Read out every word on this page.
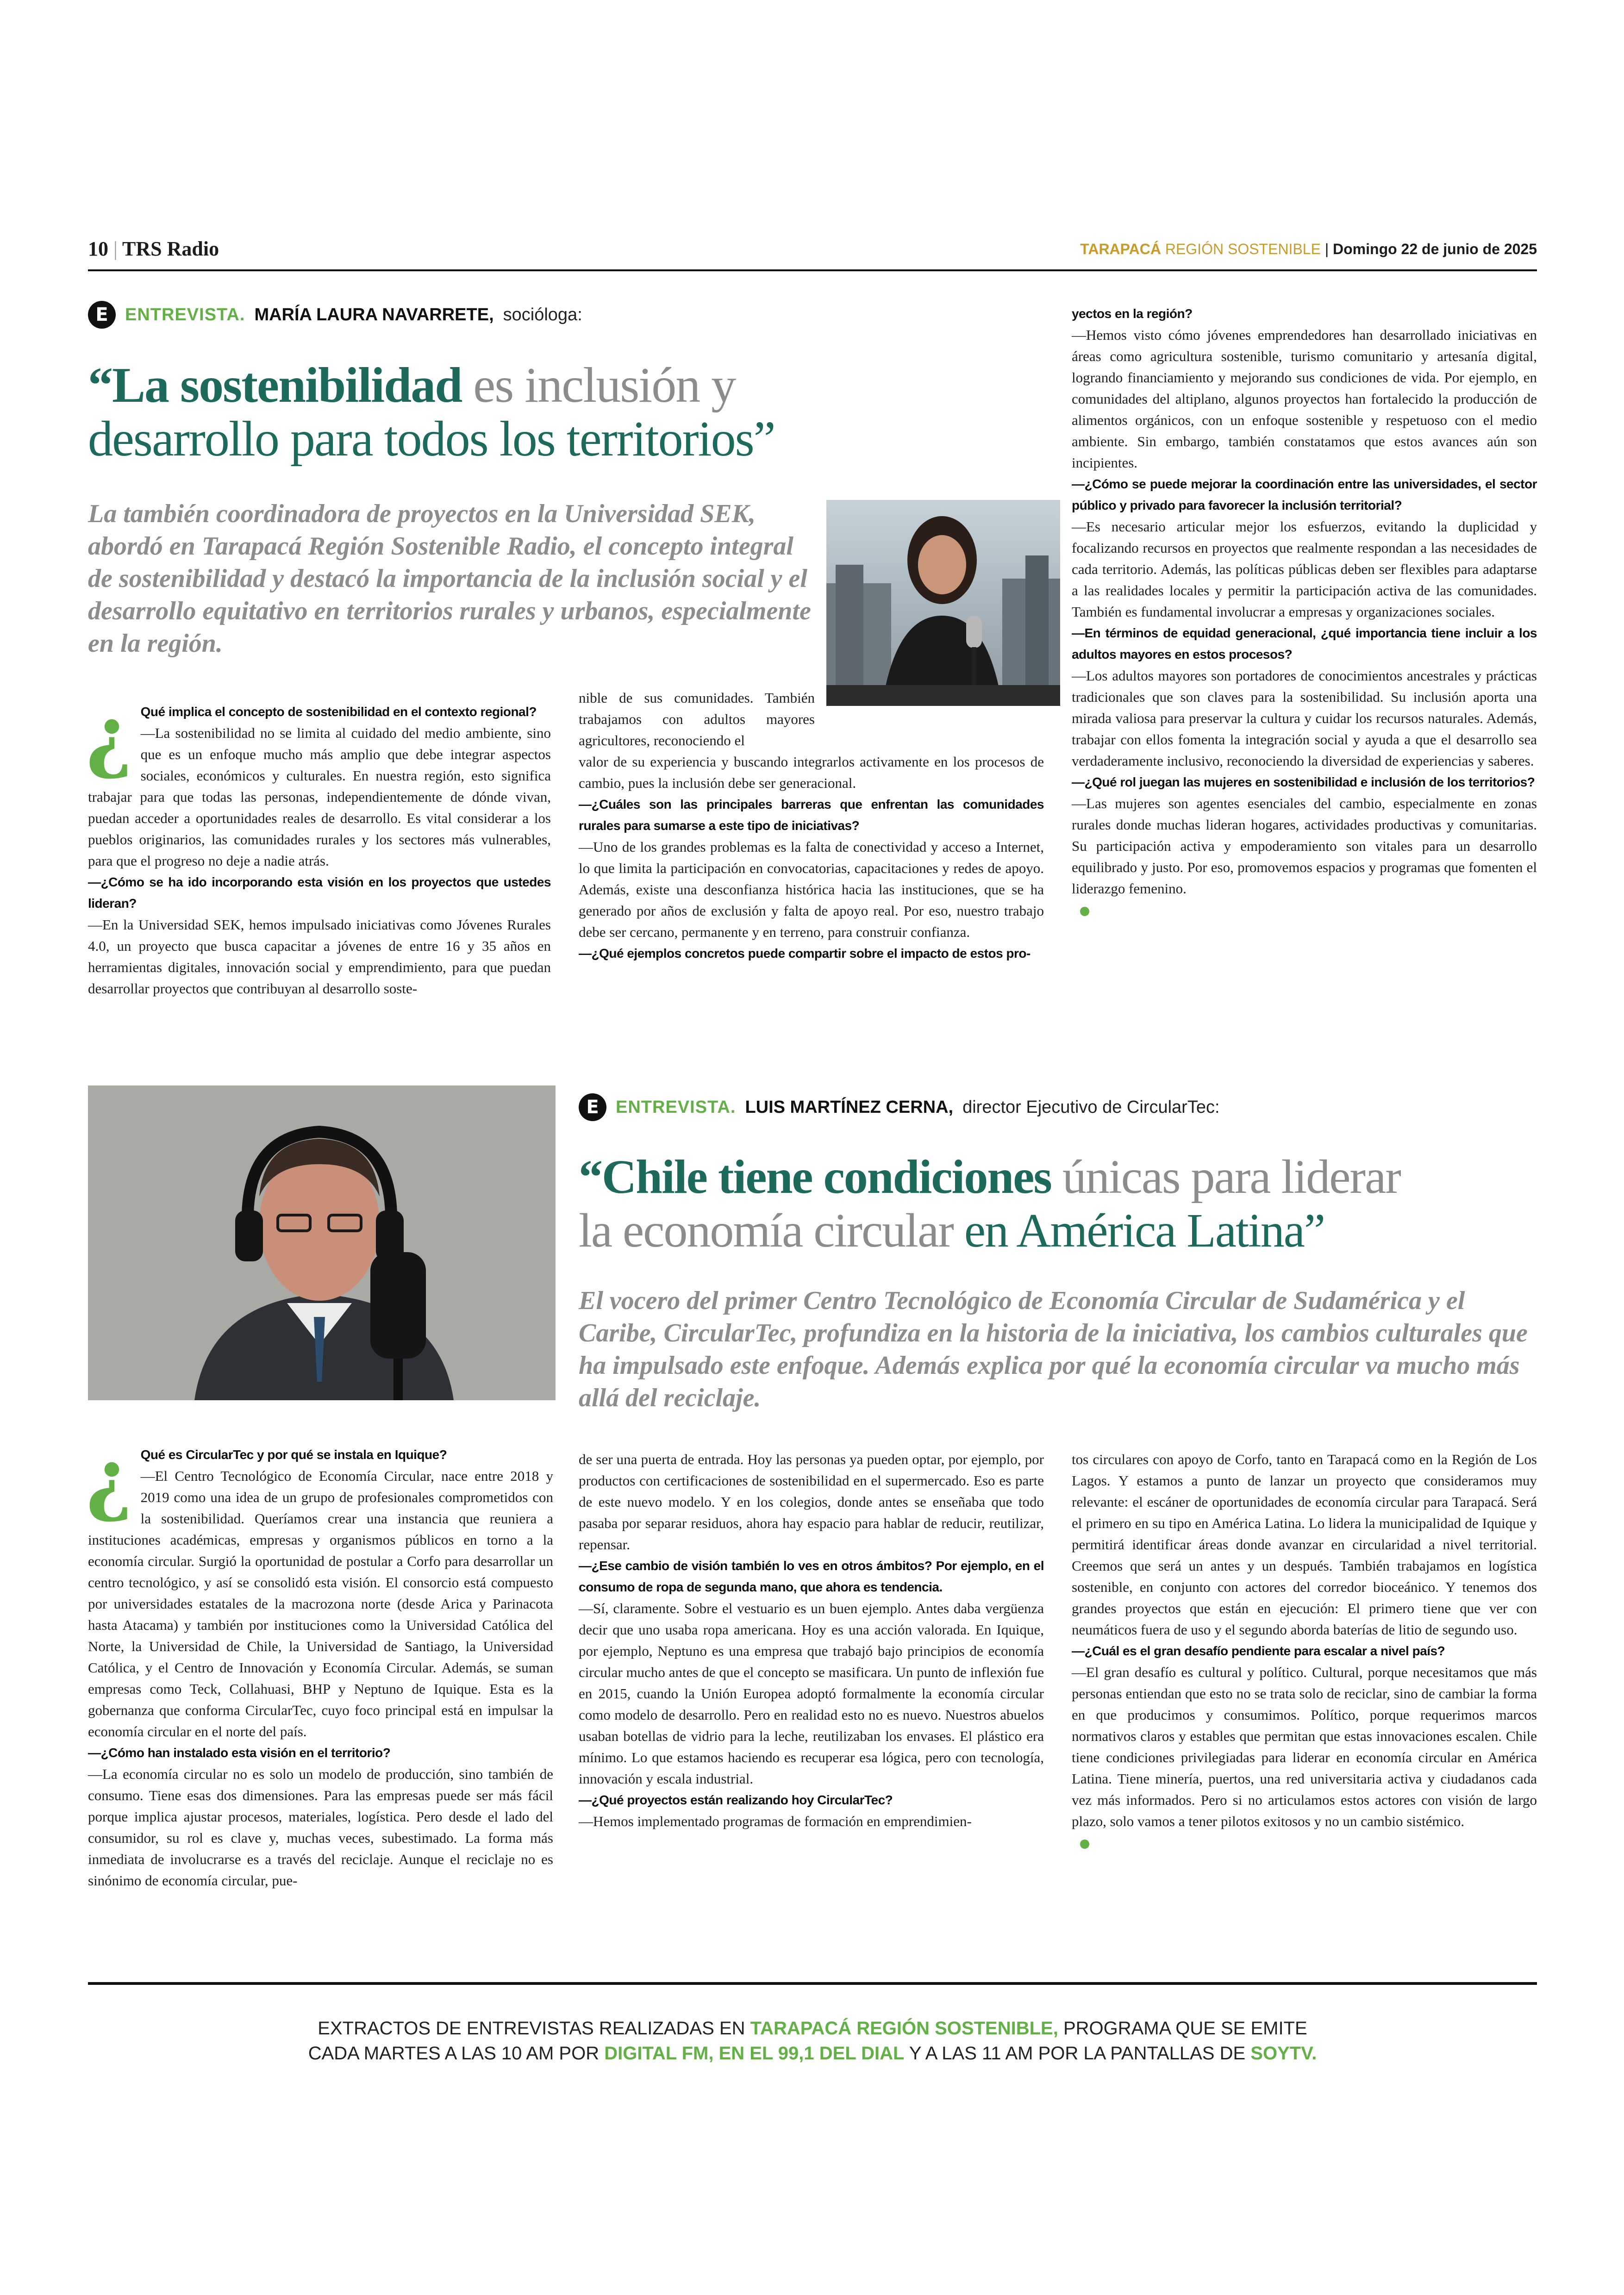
10 | TRS Radio	TARAPACÁ REGIÓN SOSTENIBLE | Domingo 22 de junio de 2025
E ENTREVISTA. MARÍA LAURA NAVARRETE, socióloga:
“La sostenibilidad es inclusión y
desarrollo para todos los territorios”
La también coordinadora de proyectos en la Universidad SEK, abordó en Tarapacá Región Sostenible Radio, el concepto integral de sostenibilidad y destacó la importancia de la inclusión social y el desarrollo equitativo en territorios rurales y urbanos, especialmente en la región.
¿ Qué implica el concepto de sostenibilidad en el contexto regional?
—La sostenibilidad no se limita al cuidado del medio ambiente, sino que es un enfoque mucho más amplio que debe integrar aspectos sociales, económicos y culturales. En nuestra región, esto significa trabajar para que todas las personas, independientemente de dónde vivan, puedan acceder a oportunidades reales de desarrollo. Es vital considerar a los pueblos originarios, las comunidades rurales y los sectores más vulnerables, para que el progreso no deje a nadie atrás.
—¿Cómo se ha ido incorporando esta visión en los proyectos que ustedes lideran?
—En la Universidad SEK, hemos impulsado iniciativas como Jóvenes Rurales 4.0, un proyecto que busca capacitar a jóvenes de entre 16 y 35 años en herramientas digitales, innovación social y emprendimiento, para que puedan desarrollar proyectos que contribuyan al desarrollo soste-
nible de sus comunidades. También trabajamos con adultos mayores agricultores, reconociendo el
valor de su experiencia y buscando integrarlos activamente en los procesos de cambio, pues la inclusión debe ser generacional.
—¿Cuáles son las principales barreras que enfrentan las comunidades rurales para sumarse a este tipo de iniciativas?
—Uno de los grandes problemas es la falta de conectividad y acceso a Internet, lo que limita la participación en convocatorias, capacitaciones y redes de apoyo. Además, existe una desconfianza histórica hacia las instituciones, que se ha generado por años de exclusión y falta de apoyo real. Por eso, nuestro trabajo debe ser cercano, permanente y en terreno, para construir confianza.
—¿Qué ejemplos concretos puede compartir sobre el impacto de estos pro-
yectos en la región?
—Hemos visto cómo jóvenes emprendedores han desarrollado iniciativas en áreas como agricultura sostenible, turismo comunitario y artesanía digital, logrando financiamiento y mejorando sus condiciones de vida. Por ejemplo, en comunidades del altiplano, algunos proyectos han fortalecido la producción de alimentos orgánicos, con un enfoque sostenible y respetuoso con el medio ambiente. Sin embargo, también constatamos que estos avances aún son incipientes.
—¿Cómo se puede mejorar la coordinación entre las universidades, el sector público y privado para favorecer la inclusión territorial?
—Es necesario articular mejor los esfuerzos, evitando la duplicidad y focalizando recursos en proyectos que realmente respondan a las necesidades de cada territorio. Además, las políticas públicas deben ser flexibles para adaptarse a las realidades locales y permitir la participación activa de las comunidades. También es fundamental involucrar a empresas y organizaciones sociales.
—En términos de equidad generacional, ¿qué importancia tiene incluir a los adultos mayores en estos procesos?
—Los adultos mayores son portadores de conocimientos ancestrales y prácticas tradicionales que son claves para la sostenibilidad. Su inclusión aporta una mirada valiosa para preservar la cultura y cuidar los recursos naturales. Además, trabajar con ellos fomenta la integración social y ayuda a que el desarrollo sea verdaderamente inclusivo, reconociendo la diversidad de experiencias y saberes.
—¿Qué rol juegan las mujeres en sostenibilidad e inclusión de los territorios?
—Las mujeres son agentes esenciales del cambio, especialmente en zonas rurales donde muchas lideran hogares, actividades productivas y comunitarias. Su participación activa y empoderamiento son vitales para un desarrollo equilibrado y justo. Por eso, promovemos espacios y programas que fomenten el liderazgo femenino.
E ENTREVISTA. LUIS MARTÍNEZ CERNA, director Ejecutivo de CircularTec:
“Chile tiene condiciones únicas para liderar
la economía circular en América Latina”
El vocero del primer Centro Tecnológico de Economía Circular de Sudamérica y el Caribe, CircularTec, profundiza en la historia de la iniciativa, los cambios culturales que ha impulsado este enfoque. Además explica por qué la economía circular va mucho más allá del reciclaje.
¿ Qué es CircularTec y por qué se instala en Iquique?
—El Centro Tecnológico de Economía Circular, nace entre 2018 y 2019 como una idea de un grupo de profesionales comprometidos con la sostenibilidad. Queríamos crear una instancia que reuniera a instituciones académicas, empresas y organismos públicos en torno a la economía circular. Surgió la oportunidad de postular a Corfo para desarrollar un centro tecnológico, y así se consolidó esta visión. El consorcio está compuesto por universidades estatales de la macrozona norte (desde Arica y Parinacota hasta Atacama) y también por instituciones como la Universidad Católica del Norte, la Universidad de Chile, la Universidad de Santiago, la Universidad Católica, y el Centro de Innovación y Economía Circular. Además, se suman empresas como Teck, Collahuasi, BHP y Neptuno de Iquique. Esta es la gobernanza que conforma CircularTec, cuyo foco principal está en impulsar la economía circular en el norte del país.
—¿Cómo han instalado esta visión en el territorio?
—La economía circular no es solo un modelo de producción, sino también de consumo. Tiene esas dos dimensiones. Para las empresas puede ser más fácil porque implica ajustar procesos, materiales, logística. Pero desde el lado del consumidor, su rol es clave y, muchas veces, subestimado. La forma más inmediata de involucrarse es a través del reciclaje. Aunque el reciclaje no es sinónimo de economía circular, pue-
de ser una puerta de entrada. Hoy las personas ya pueden optar, por ejemplo, por productos con certificaciones de sostenibilidad en el supermercado. Eso es parte de este nuevo modelo. Y en los colegios, donde antes se enseñaba que todo pasaba por separar residuos, ahora hay espacio para hablar de reducir, reutilizar, repensar.
—¿Ese cambio de visión también lo ves en otros ámbitos? Por ejemplo, en el consumo de ropa de segunda mano, que ahora es tendencia.
—Sí, claramente. Sobre el vestuario es un buen ejemplo. Antes daba vergüenza decir que uno usaba ropa americana. Hoy es una acción valorada. En Iquique, por ejemplo, Neptuno es una empresa que trabajó bajo principios de economía circular mucho antes de que el concepto se masificara. Un punto de inflexión fue en 2015, cuando la Unión Europea adoptó formalmente la economía circular como modelo de desarrollo. Pero en realidad esto no es nuevo. Nuestros abuelos usaban botellas de vidrio para la leche, reutilizaban los envases. El plástico era mínimo. Lo que estamos haciendo es recuperar esa lógica, pero con tecnología, innovación y escala industrial.
—¿Qué proyectos están realizando hoy CircularTec?
—Hemos implementado programas de formación en emprendimien-
tos circulares con apoyo de Corfo, tanto en Tarapacá como en la Región de Los Lagos. Y estamos a punto de lanzar un proyecto que consideramos muy relevante: el escáner de oportunidades de economía circular para Tarapacá. Será el primero en su tipo en América Latina. Lo lidera la municipalidad de Iquique y permitirá identificar áreas donde avanzar en circularidad a nivel territorial. Creemos que será un antes y un después. También trabajamos en logística sostenible, en conjunto con actores del corredor bioceánico. Y tenemos dos grandes proyectos que están en ejecución: El primero tiene que ver con neumáticos fuera de uso y el segundo aborda baterías de litio de segundo uso.
—¿Cuál es el gran desafío pendiente para escalar a nivel país?
—El gran desafío es cultural y político. Cultural, porque necesitamos que más personas entiendan que esto no se trata solo de reciclar, sino de cambiar la forma en que producimos y consumimos. Político, porque requerimos marcos normativos claros y estables que permitan que estas innovaciones escalen. Chile tiene condiciones privilegiadas para liderar en economía circular en América Latina. Tiene minería, puertos, una red universitaria activa y ciudadanos cada vez más informados. Pero si no articulamos estos actores con visión de largo plazo, solo vamos a tener pilotos exitosos y no un cambio sistémico.
EXTRACTOS DE ENTREVISTAS REALIZADAS EN TARAPACÁ REGIÓN SOSTENIBLE, PROGRAMA QUE SE EMITE
CADA MARTES A LAS 10 AM POR DIGITAL FM, EN EL 99,1 DEL DIAL Y A LAS 11 AM POR LA PANTALLAS DE SOYTV.
